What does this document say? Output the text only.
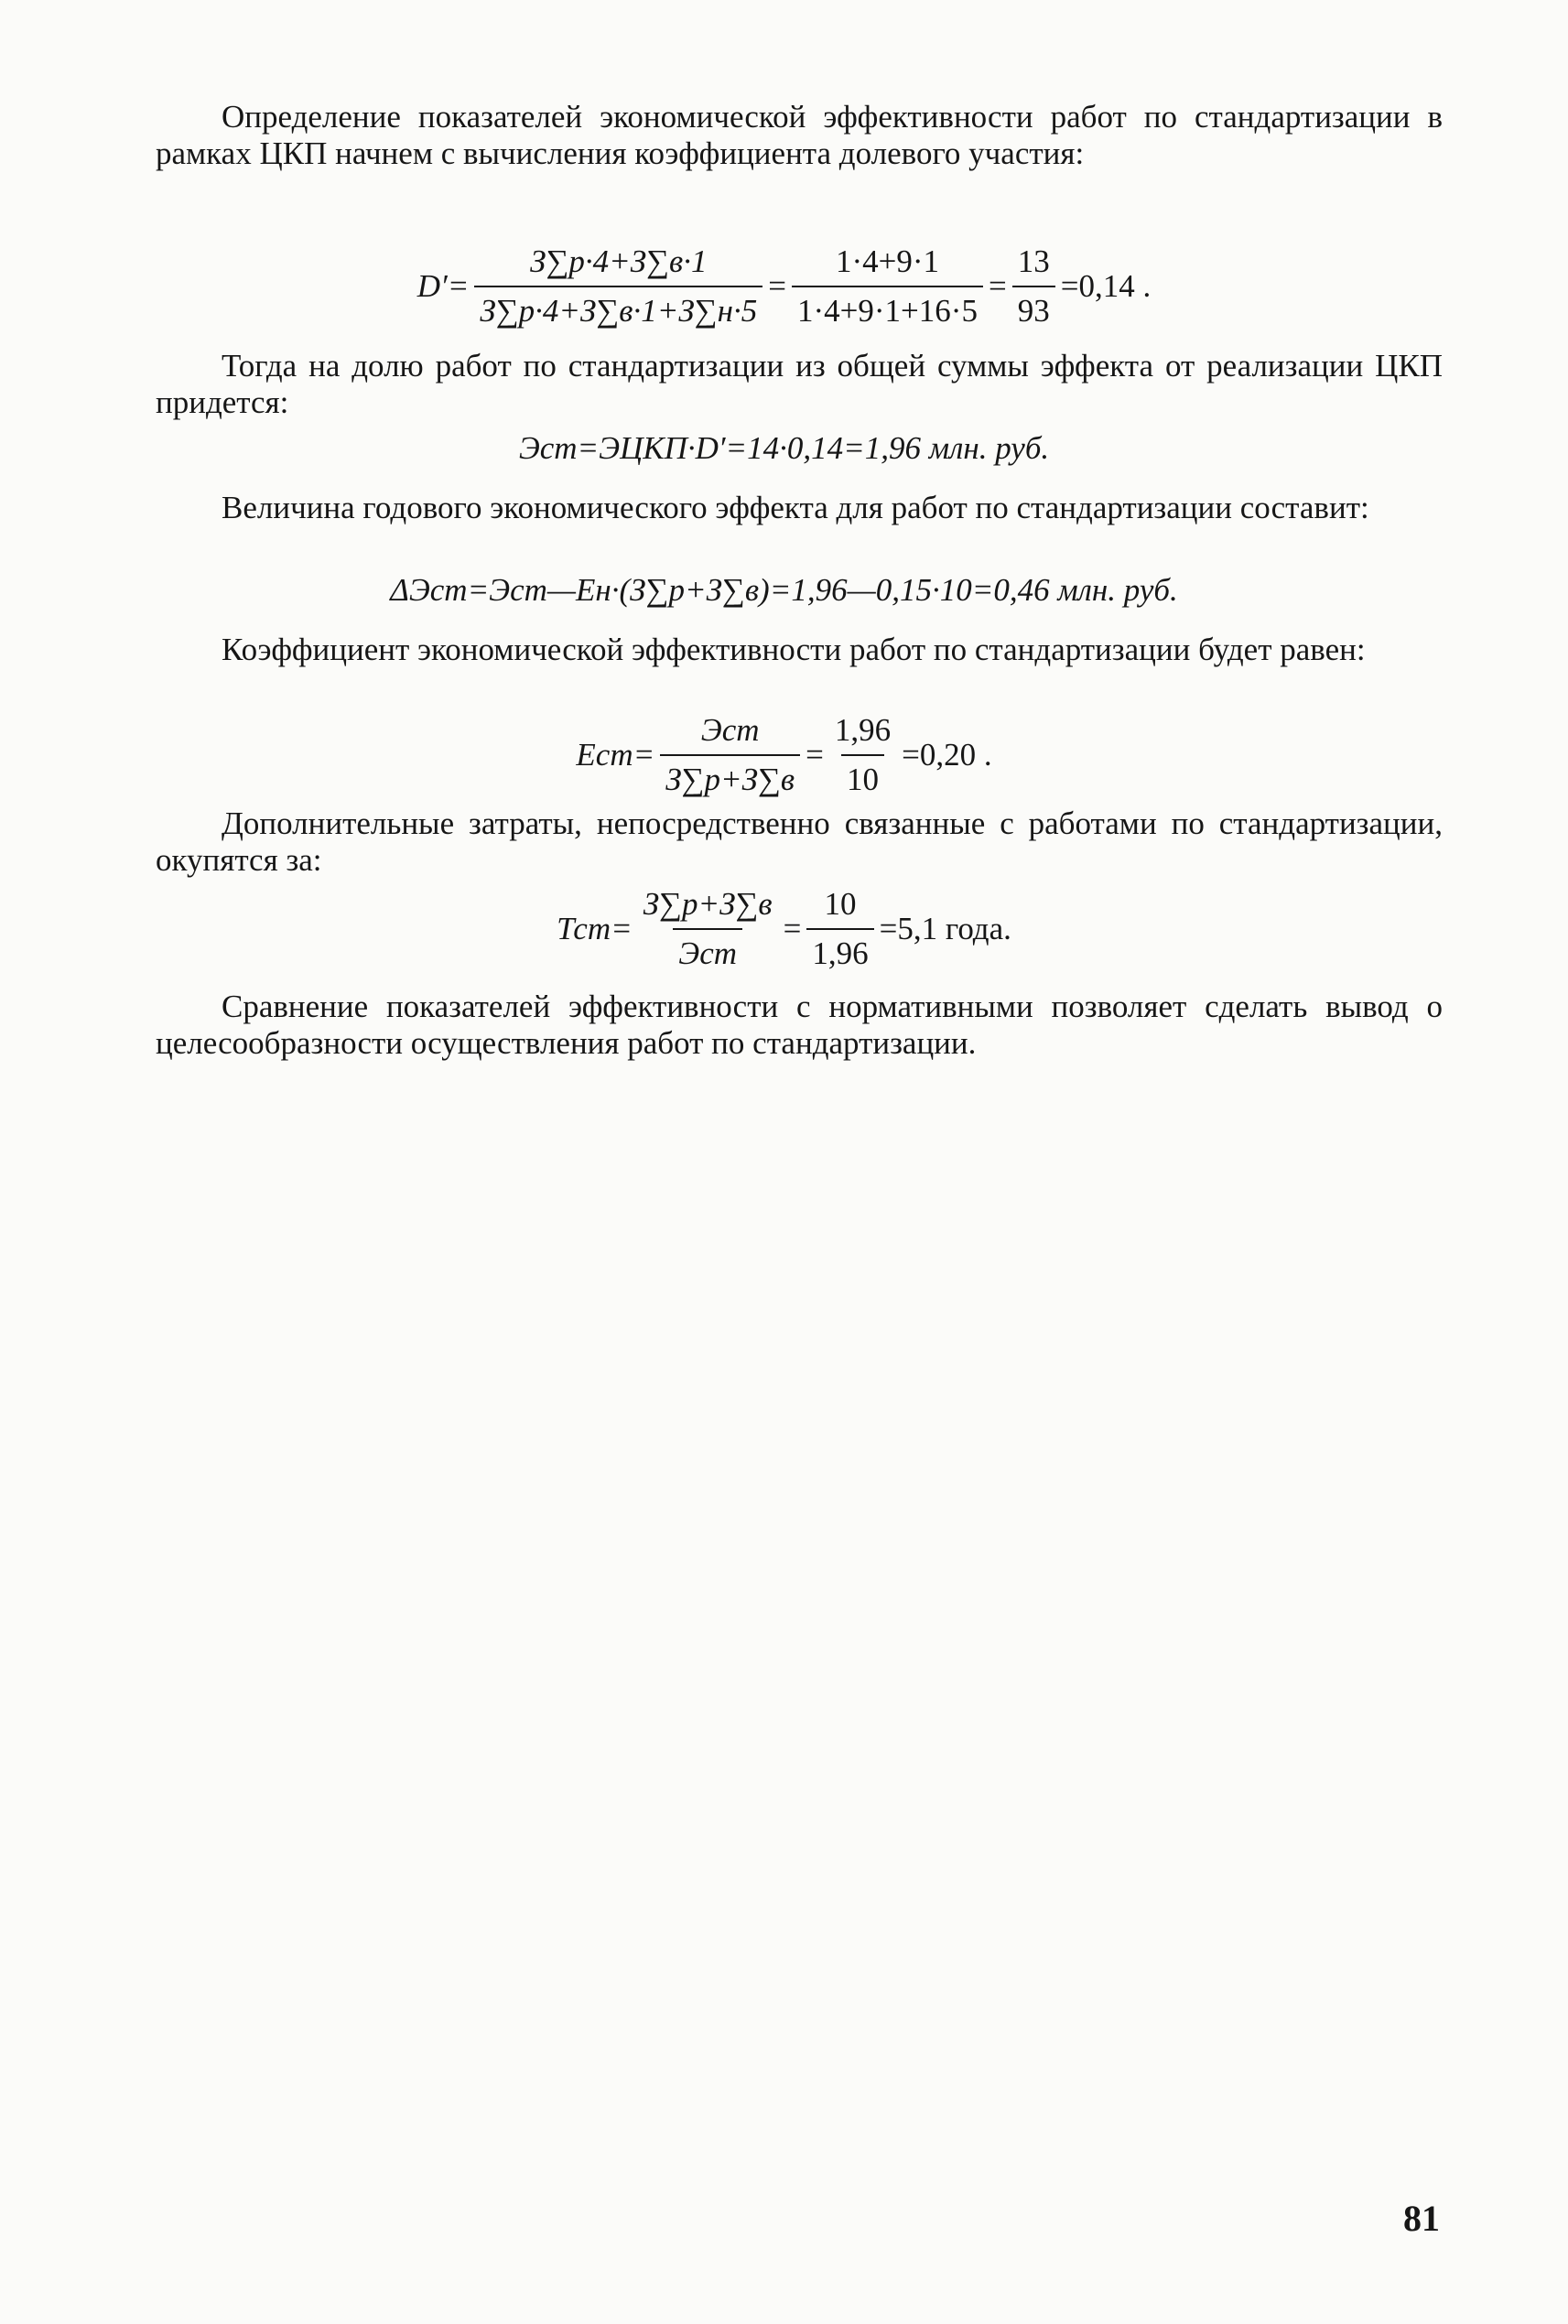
Определение показателей экономической эффективности работ по стандартизации в рамках ЦКП начнем с вычисления коэффициента долевого участия:

$D'= \frac{З\sum р\cdot 4+З\sum в\cdot 1}{З\sum р\cdot 4+З\sum в\cdot 1+З\sum н\cdot 5} = \frac{1\cdot 4+9\cdot 1}{1\cdot 4+9\cdot 1+16\cdot 5} = \frac{13}{93} =0,14$ .

Тогда на долю работ по стандартизации из общей суммы эффекта от реализации ЦКП придется:

Эст=ЭЦКП·D′=14·0,14=1,96 млн. руб.

Величина годового экономического эффекта для работ по стандартизации составит:

ΔЭст=Эст—Ен·(З∑р+З∑в)=1,96—0,15·10=0,46 млн. руб.

Коэффициент экономической эффективности работ по стандартизации будет равен:

$Ест= \frac{\text{Эст}}{З\sum р+З\sum в} = \frac{1,96}{10} =0,20$ .

Дополнительные затраты, непосредственно связанные с работами по стандартизации, окупятся за:

$Тст= \frac{З\sum р+З\sum в}{\text{Эст}} = \frac{10}{1,96} =5,1$ года.

Сравнение показателей эффективности с нормативными позволяет сделать вывод о целесообразности осуществления работ по стандартизации.

81
